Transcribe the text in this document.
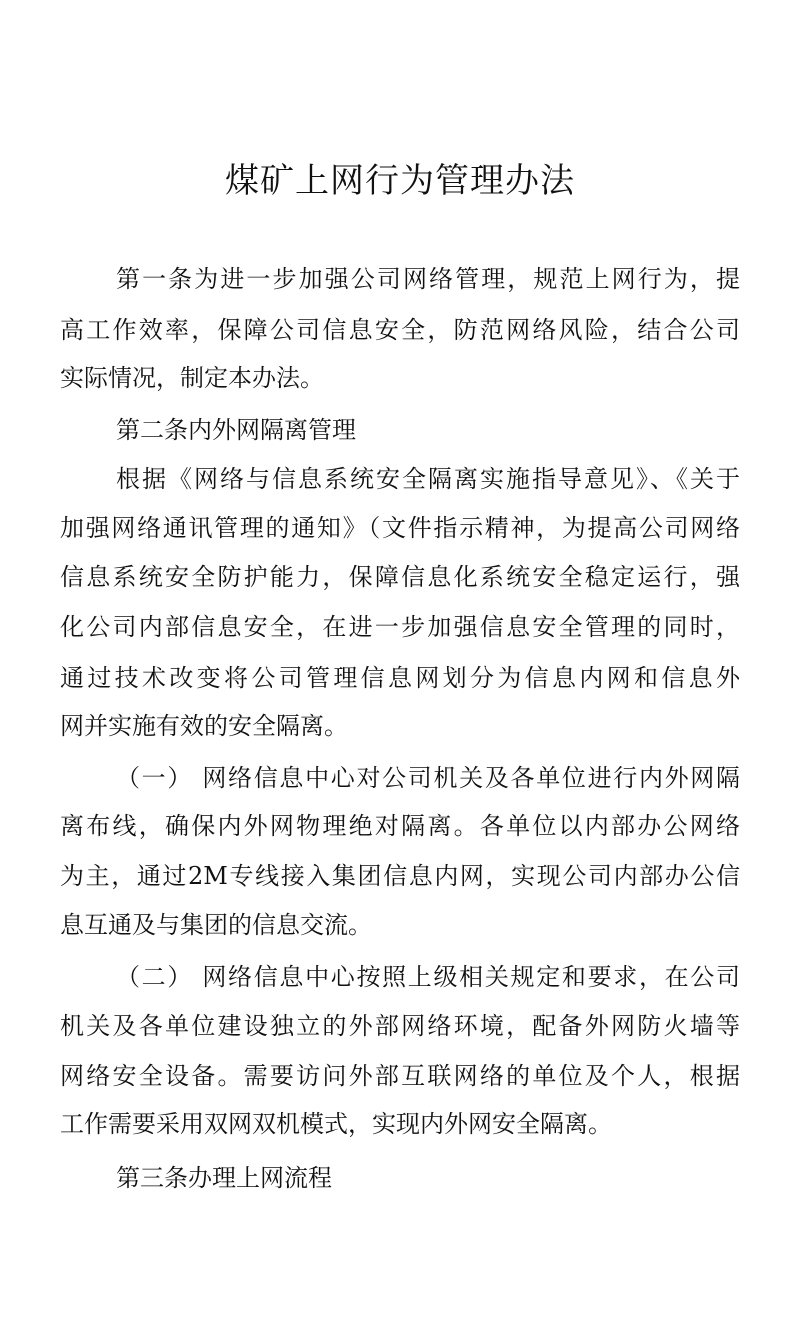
煤矿上网行为管理办法

第一条为进一步加强公司网络管理，规范上网行为，提

高工作效率，保障公司信息安全，防范网络风险，结合公司

实际情况，制定本办法。

第二条内外网隔离管理

根据《网络与信息系统安全隔离实施指导意见》、《关于

加强网络通讯管理的通知》（文件指示精神，为提高公司网络

信息系统安全防护能力，保障信息化系统安全稳定运行，强

化公司内部信息安全，在进一步加强信息安全管理的同时，

通过技术改变将公司管理信息网划分为信息内网和信息外

网并实施有效的安全隔离。

（一） 网络信息中心对公司机关及各单位进行内外网隔

离布线，确保内外网物理绝对隔离。各单位以内部办公网络

为主，通过2M专线接入集团信息内网，实现公司内部办公信

息互通及与集团的信息交流。

（二） 网络信息中心按照上级相关规定和要求，在公司

机关及各单位建设独立的外部网络环境，配备外网防火墙等

网络安全设备。需要访问外部互联网络的单位及个人，根据

工作需要采用双网双机模式，实现内外网安全隔离。

第三条办理上网流程
